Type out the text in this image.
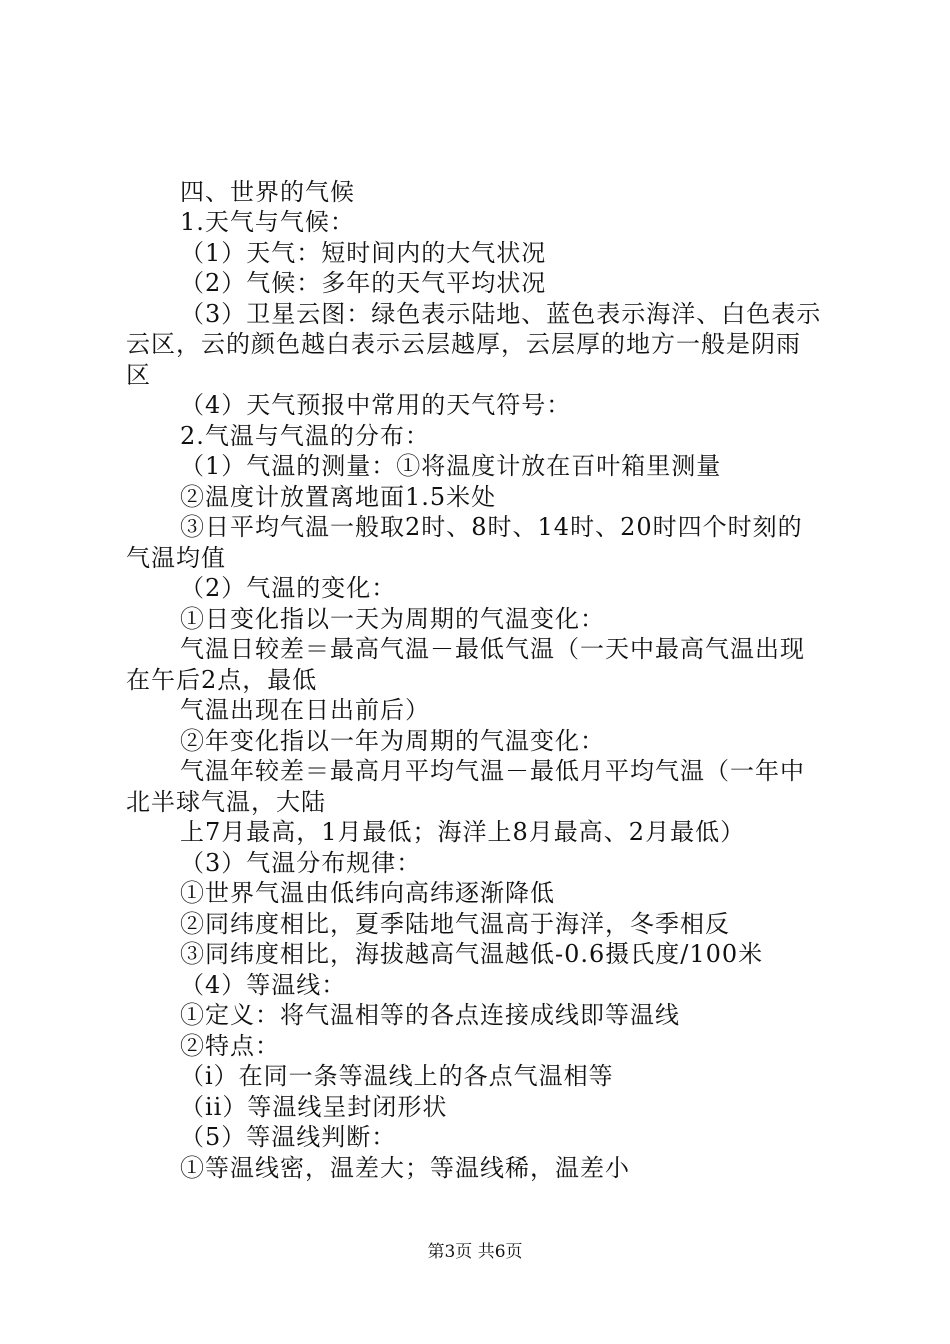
四、世界的气候
1.天气与气候：
（1）天气：短时间内的大气状况
（2）气候：多年的天气平均状况
（3）卫星云图：绿色表示陆地、蓝色表示海洋、白色表示
云区，云的颜色越白表示云层越厚，云层厚的地方一般是阴雨
区
（4）天气预报中常用的天气符号：
2.气温与气温的分布：
（1）气温的测量：①将温度计放在百叶箱里测量
②温度计放置离地面1.5米处
③日平均气温一般取2时、8时、14时、20时四个时刻的
气温均值
（2）气温的变化：
①日变化指以一天为周期的气温变化：
气温日较差＝最高气温－最低气温（一天中最高气温出现
在午后2点，最低
气温出现在日出前后）
②年变化指以一年为周期的气温变化：
气温年较差＝最高月平均气温－最低月平均气温（一年中
北半球气温，大陆
上7月最高，1月最低；海洋上8月最高、2月最低）
（3）气温分布规律：
①世界气温由低纬向高纬逐渐降低
②同纬度相比，夏季陆地气温高于海洋，冬季相反
③同纬度相比，海拔越高气温越低-0.6摄氏度/100米
（4）等温线：
①定义：将气温相等的各点连接成线即等温线
②特点：
（i）在同一条等温线上的各点气温相等
（ii）等温线呈封闭形状
（5）等温线判断：
①等温线密，温差大；等温线稀，温差小
第3页 共6页
